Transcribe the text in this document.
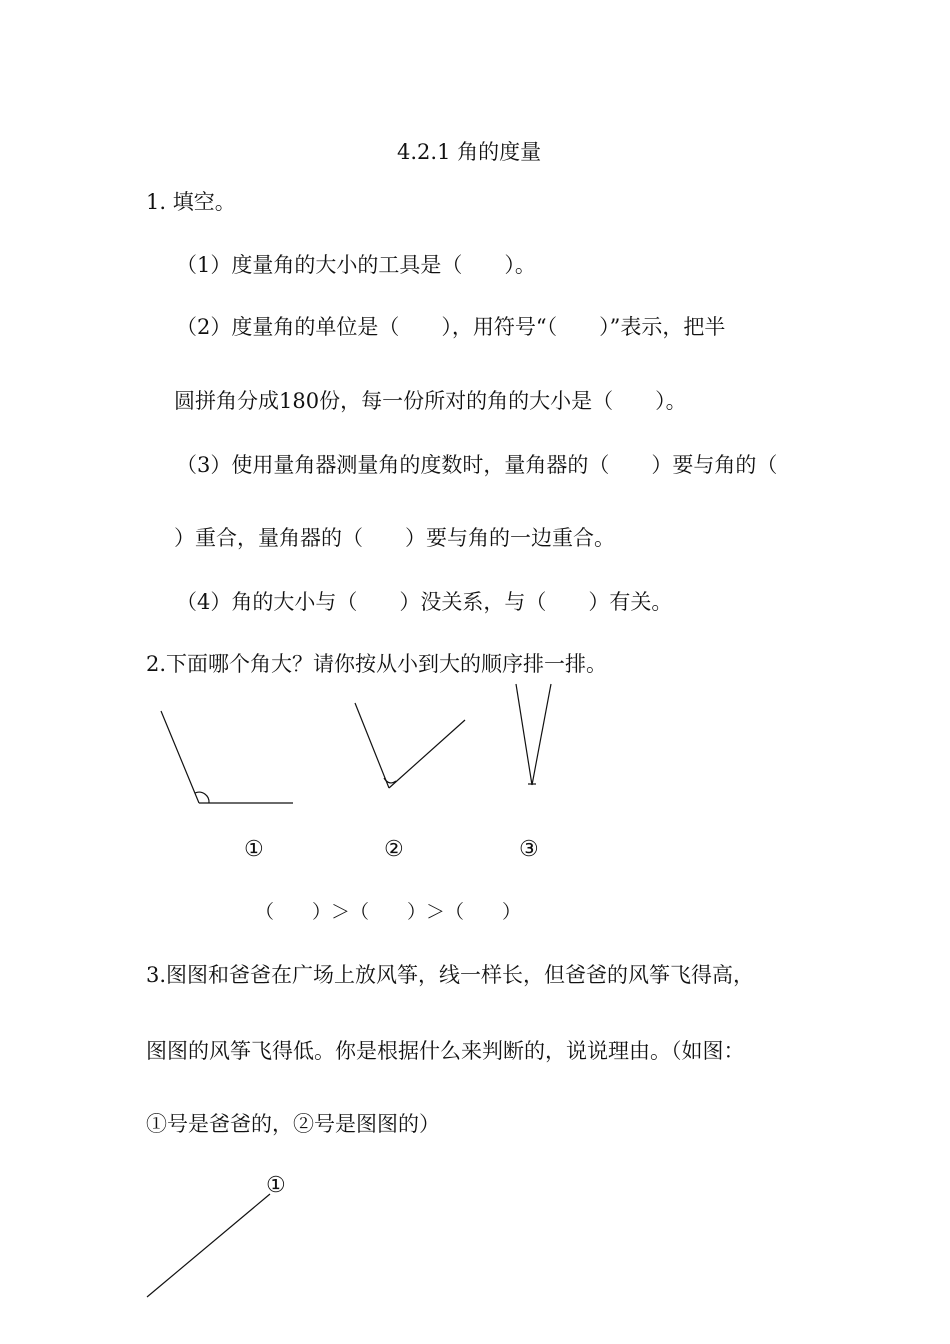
4.2.1 角的度量
1. 填空。
（1）度量角的大小的工具是（　　）。
（2）度量角的单位是（　　），用符号“（　　）”表示，把半
圆拼角分成180份，每一份所对的角的大小是（　　）。
（3）使用量角器测量角的度数时，量角器的（　　）要与角的（
）重合，量角器的（　　）要与角的一边重合。
（4）角的大小与（　　）没关系，与（　　）有关。
2.下面哪个角大？请你按从小到大的顺序排一排。
①	②	③
（　　）＞（　　）＞（　　）
3.图图和爸爸在广场上放风筝，线一样长，但爸爸的风筝飞得高，
图图的风筝飞得低。你是根据什么来判断的，说说理由。（如图：
①号是爸爸的，②号是图图的）
①
